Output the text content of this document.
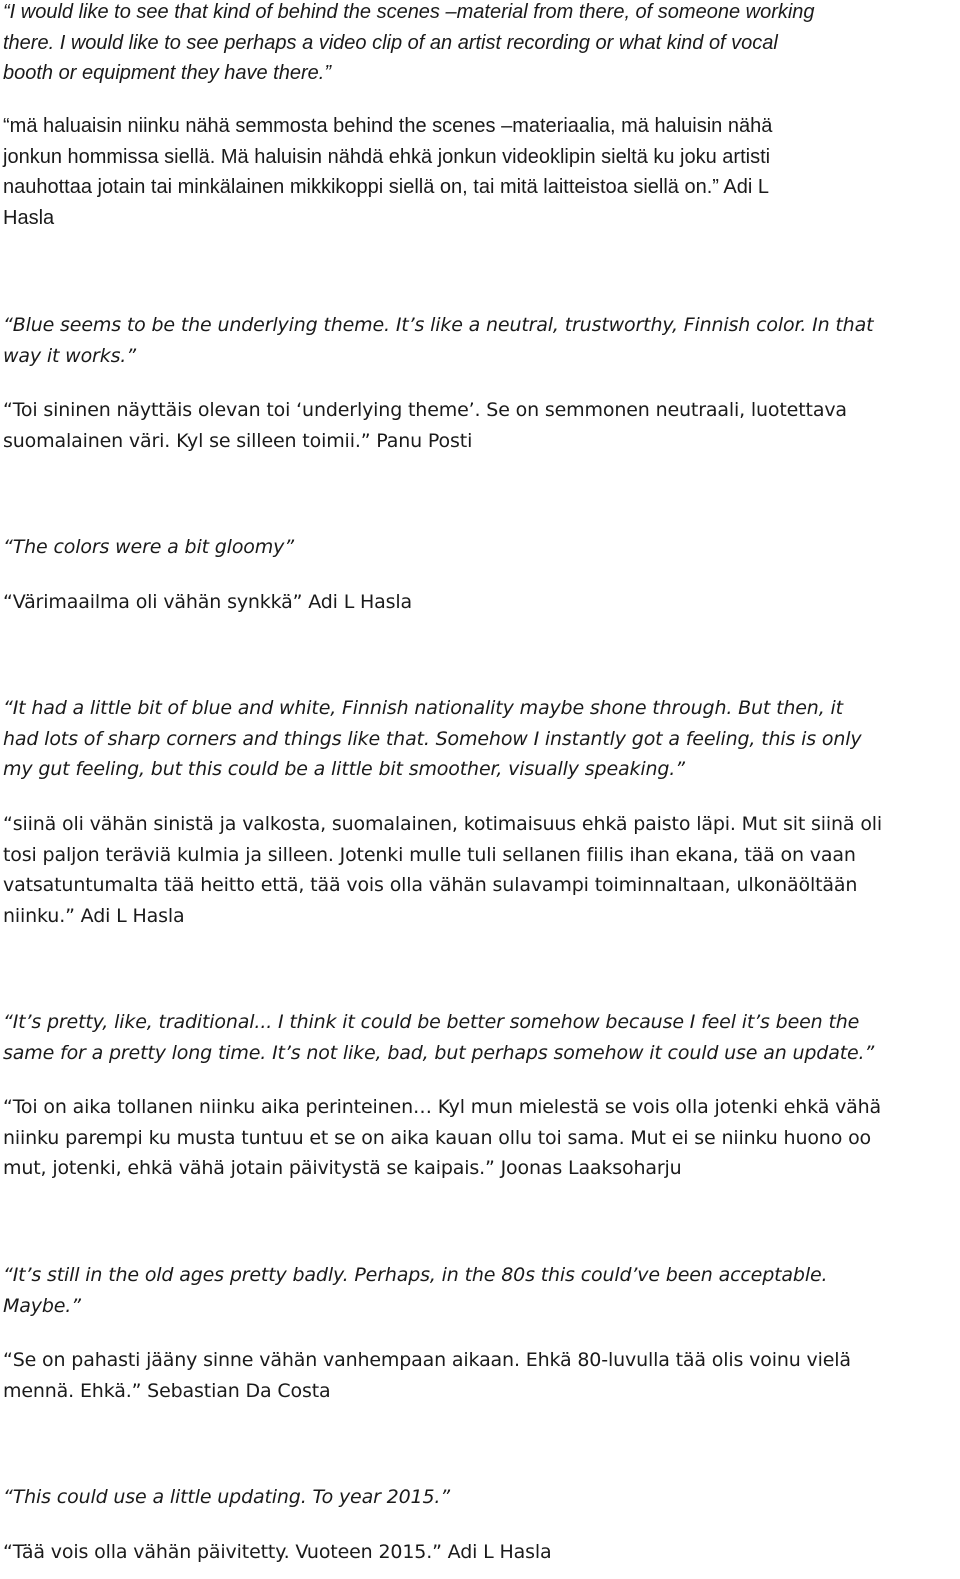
“I would like to see that kind of behind the scenes –material from there, of someone working
there. I would like to see perhaps a video clip of an artist recording or what kind of vocal
booth or equipment they have there.”
“mä haluaisin niinku nähä semmosta behind the scenes –materiaalia, mä haluisin nähä
jonkun hommissa siellä. Mä haluisin nähdä ehkä jonkun videoklipin sieltä ku joku artisti
nauhottaa jotain tai minkälainen mikkikoppi siellä on, tai mitä laitteistoa siellä on.” Adi L
Hasla
“Blue seems to be the underlying theme. It’s like a neutral, trustworthy, Finnish color. In that
way it works.”
“Toi sininen näyttäis olevan toi ‘underlying theme’. Se on semmonen neutraali, luotettava
suomalainen väri. Kyl se silleen toimii.” Panu Posti
“The colors were a bit gloomy”
“Värimaailma oli vähän synkkä” Adi L Hasla
“It had a little bit of blue and white, Finnish nationality maybe shone through. But then, it
had lots of sharp corners and things like that. Somehow I instantly got a feeling, this is only
my gut feeling, but this could be a little bit smoother, visually speaking.”
“siinä oli vähän sinistä ja valkosta, suomalainen, kotimaisuus ehkä paisto läpi. Mut sit siinä oli
tosi paljon teräviä kulmia ja silleen. Jotenki mulle tuli sellanen fiilis ihan ekana, tää on vaan
vatsatuntumalta tää heitto että, tää vois olla vähän sulavampi toiminnaltaan, ulkonäöltään
niinku.” Adi L Hasla
“It’s pretty, like, traditional... I think it could be better somehow because I feel it’s been the
same for a pretty long time. It’s not like, bad, but perhaps somehow it could use an update.”
“Toi on aika tollanen niinku aika perinteinen… Kyl mun mielestä se vois olla jotenki ehkä vähä
niinku parempi ku musta tuntuu et se on aika kauan ollu toi sama. Mut ei se niinku huono oo
mut, jotenki, ehkä vähä jotain päivitystä se kaipais.” Joonas Laaksoharju
“It’s still in the old ages pretty badly. Perhaps, in the 80s this could’ve been acceptable.
Maybe.”
“Se on pahasti jääny sinne vähän vanhempaan aikaan. Ehkä 80-luvulla tää olis voinu vielä
mennä. Ehkä.” Sebastian Da Costa
“This could use a little updating. To year 2015.”
“Tää vois olla vähän päivitetty. Vuoteen 2015.” Adi L Hasla
